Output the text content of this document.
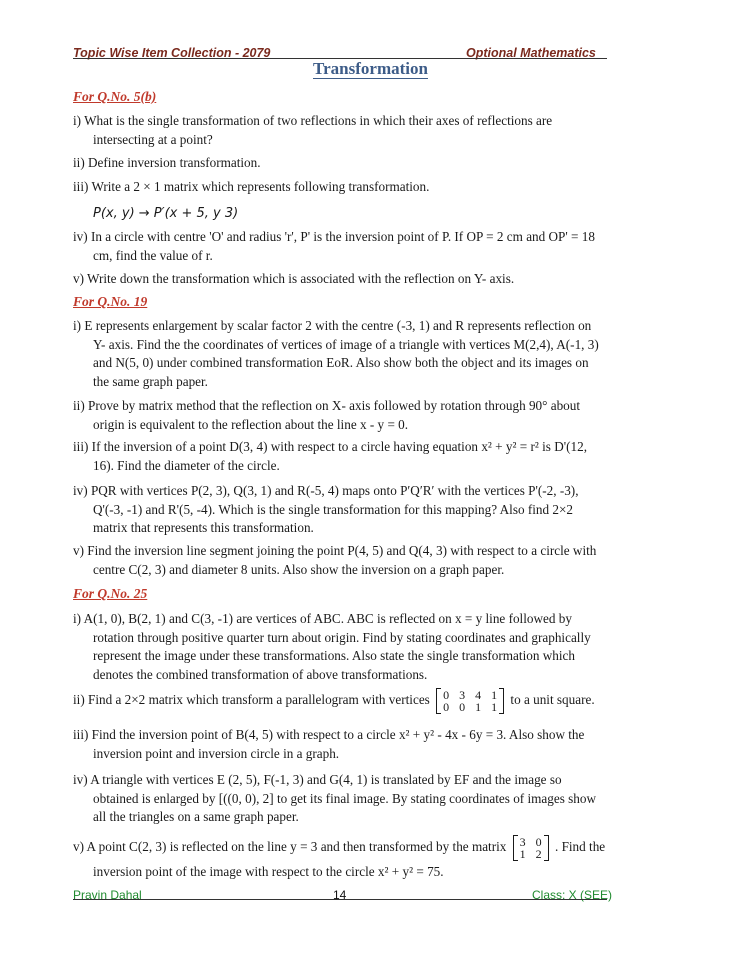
Topic Wise Item Collection - 2079	Optional Mathematics
Transformation
For Q.No. 5(b)
i) What is the single transformation of two reflections in which their axes of reflections are
intersecting at a point?
ii) Define inversion transformation.
iii) Write a 2 × 1 matrix which represents following transformation.
P(x, y) → P′(x + 5, y 3)
iv) In a circle with centre 'O' and radius 'r', P' is the inversion point of P. If OP = 2 cm and OP' = 18
cm, find the value of r.
v) Write down the transformation which is associated with the reflection on Y- axis.
For Q.No. 19
i) E represents enlargement by scalar factor 2 with the centre (-3, 1) and R represents reflection on
Y- axis. Find the the coordinates of vertices of image of a triangle with vertices M(2,4), A(-1, 3)
and N(5, 0) under combined transformation EoR. Also show both the object and its images on
the same graph paper.
ii) Prove by matrix method that the reflection on X- axis followed by rotation through 90° about
origin is equivalent to the reflection about the line x - y = 0.
iii) If the inversion of a point D(3, 4) with respect to a circle having equation x² + y² = r² is D'(12,
16). Find the diameter of the circle.
iv) PQR with vertices P(2, 3), Q(3, 1) and R(-5, 4) maps onto P′Q′R′ with the vertices P'(-2, -3),
Q'(-3, -1) and R'(5, -4). Which is the single transformation for this mapping? Also find 2×2
matrix that represents this transformation.
v) Find the inversion line segment joining the point P(4, 5) and Q(4, 3) with respect to a circle with
centre C(2, 3) and diameter 8 units. Also show the inversion on a graph paper.
For Q.No. 25
i) A(1, 0), B(2, 1) and C(3, -1) are vertices of ABC. ABC is reflected on x = y line followed by
rotation through positive quarter turn about origin. Find by stating coordinates and graphically
represent the image under these transformations. Also state the single transformation which
denotes the combined transformation of above transformations.
ii) Find a 2×2 matrix which transform a parallelogram with vertices 0 3 4 1
0 0 1 1 to a unit square.
iii) Find the inversion point of B(4, 5) with respect to a circle x² + y² - 4x - 6y = 3. Also show the
inversion point and inversion circle in a graph.
iv) A triangle with vertices E (2, 5), F(-1, 3) and G(4, 1) is translated by EF and the image so
obtained is enlarged by [((0, 0), 2] to get its final image. By stating coordinates of images show
all the triangles on a same graph paper.
v) A point C(2, 3) is reflected on the line y = 3 and then transformed by the matrix 3 0
1 2 . Find the
inversion point of the image with respect to the circle x² + y² = 75.
Pravin Dahal	14	Class: X (SEE)
